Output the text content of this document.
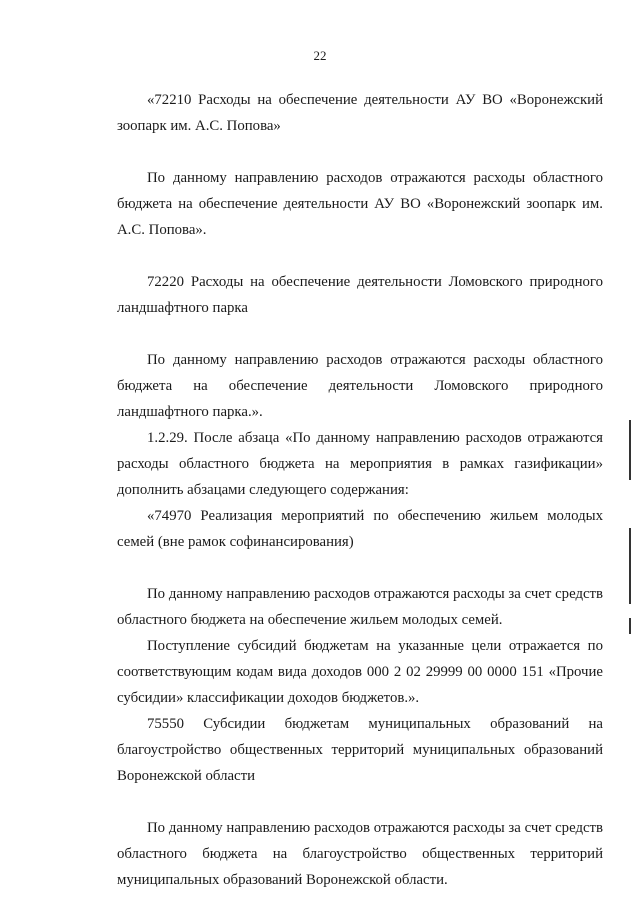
22

«72210 Расходы на обеспечение деятельности АУ ВО «Воронежский зоопарк им. А.С. Попова»

По данному направлению расходов отражаются расходы областного бюджета на обеспечение деятельности АУ ВО «Воронежский зоопарк им. А.С. Попова».

72220 Расходы на обеспечение деятельности Ломовского природного ландшафтного парка

По данному направлению расходов отражаются расходы областного бюджета на обеспечение деятельности Ломовского природного ландшафтного парка.».

1.2.29. После абзаца «По данному направлению расходов отражаются расходы областного бюджета на мероприятия в рамках газификации» дополнить абзацами следующего содержания:

«74970 Реализация мероприятий по обеспечению жильем молодых семей (вне рамок софинансирования)

По данному направлению расходов отражаются расходы за счет средств областного бюджета на обеспечение жильем молодых семей.

Поступление субсидий бюджетам на указанные цели отражается по соответствующим кодам вида доходов 000 2 02 29999 00 0000 151 «Прочие субсидии» классификации доходов бюджетов.».

75550 Субсидии бюджетам муниципальных образований на благоустройство общественных территорий муниципальных образований Воронежской области

По данному направлению расходов отражаются расходы за счет средств областного бюджета на благоустройство общественных территорий муниципальных образований Воронежской области.
